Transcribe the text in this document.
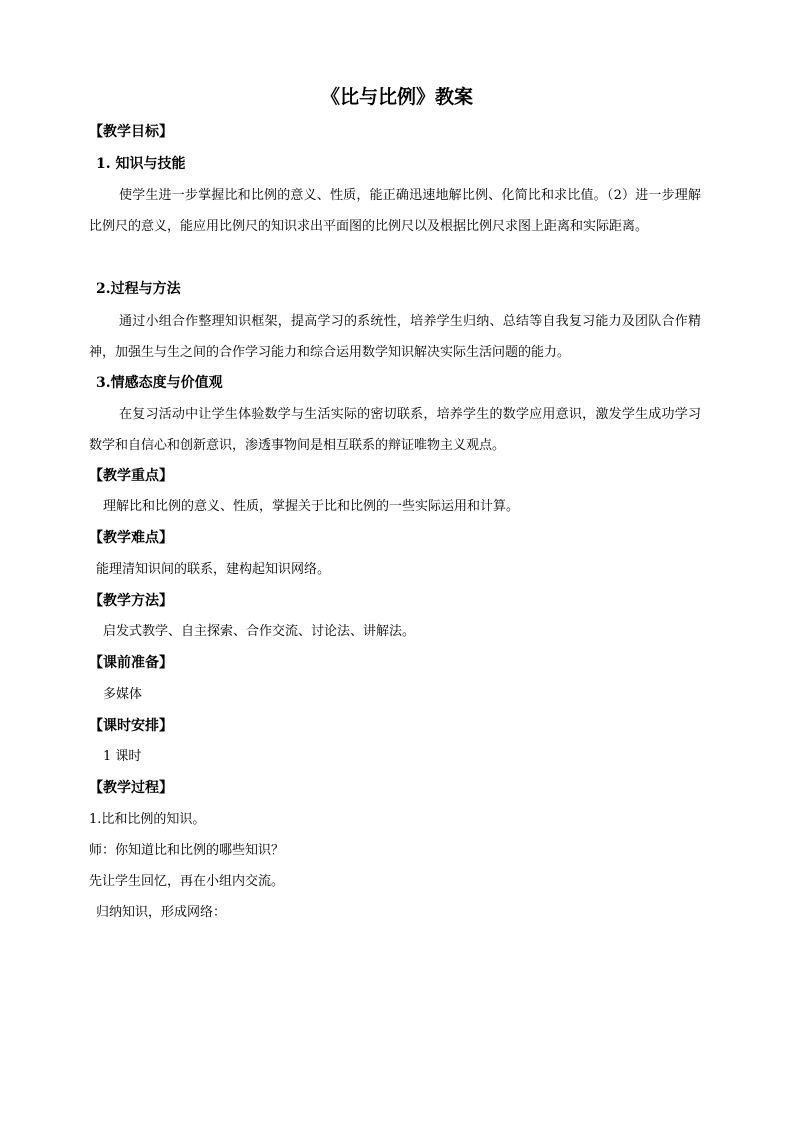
《比与比例》教案
【教学目标】
1. 知识与技能
使学生进一步掌握比和比例的意义、性质，能正确迅速地解比例、化简比和求比值。（2）进一步理解比例尺的意义，能应用比例尺的知识求出平面图的比例尺以及根据比例尺求图上距离和实际距离。
2.过程与方法
通过小组合作整理知识框架，提高学习的系统性，培养学生归纳、总结等自我复习能力及团队合作精神，加强生与生之间的合作学习能力和综合运用数学知识解决实际生活问题的能力。
3.情感态度与价值观
在复习活动中让学生体验数学与生活实际的密切联系，培养学生的数学应用意识，激发学生成功学习数学和自信心和创新意识，渗透事物间是相互联系的辩证唯物主义观点。
【教学重点】
理解比和比例的意义、性质，掌握关于比和比例的一些实际运用和计算。
【教学难点】
能理清知识间的联系，建构起知识网络。
【教学方法】
启发式教学、自主探索、合作交流、讨论法、讲解法。
【课前准备】
多媒体
【课时安排】
1 课时
【教学过程】
1.比和比例的知识。
师：你知道比和比例的哪些知识？
先让学生回忆，再在小组内交流。
归纳知识，形成网络：
